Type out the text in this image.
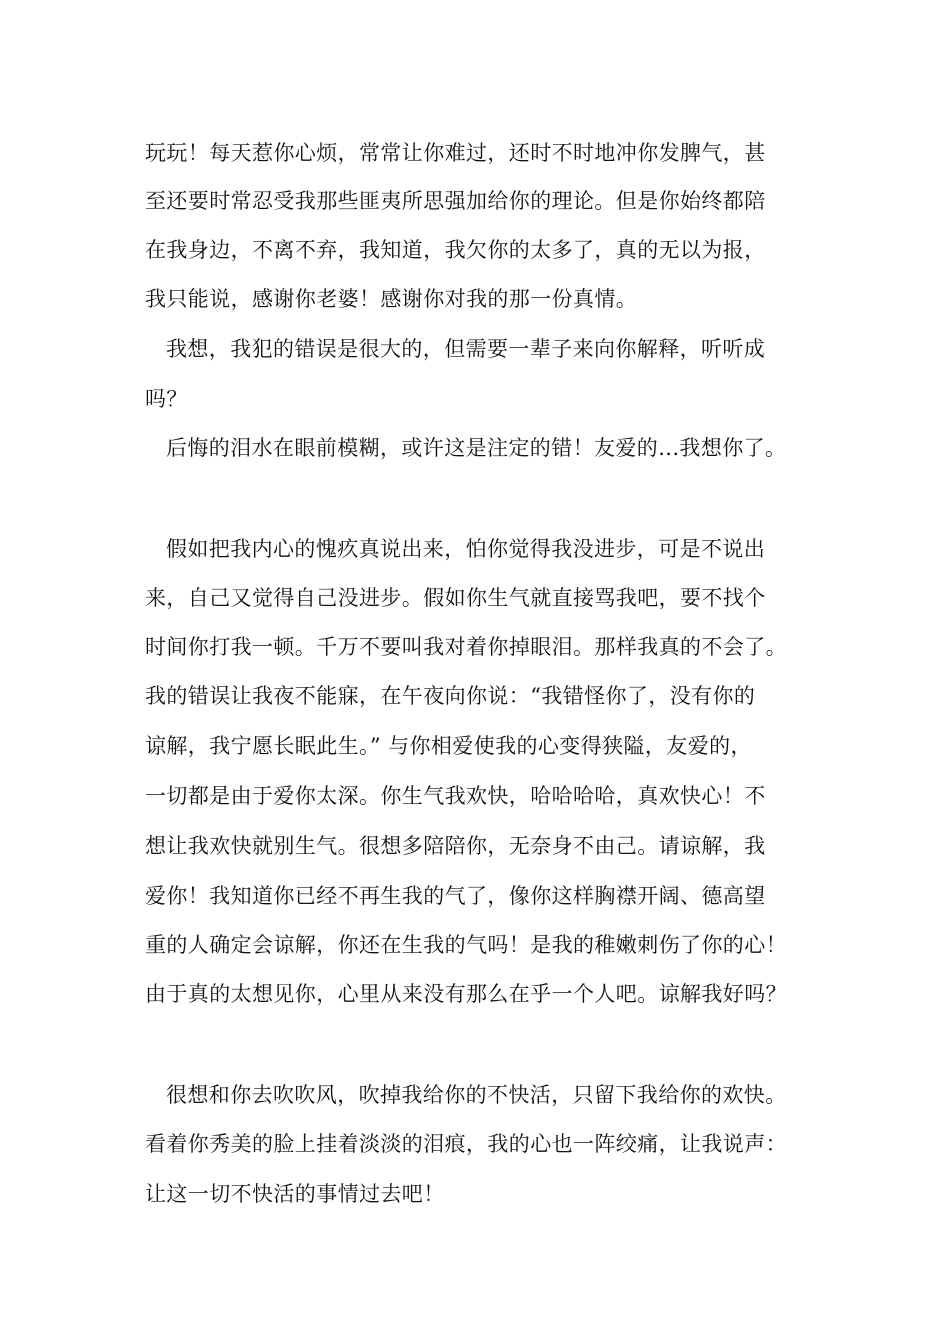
玩玩！每天惹你心烦，常常让你难过，还时不时地冲你发脾气，甚
至还要时常忍受我那些匪夷所思强加给你的理论。但是你始终都陪
在我身边，不离不弃，我知道，我欠你的太多了，真的无以为报，
我只能说，感谢你老婆！感谢你对我的那一份真情。
我想，我犯的错误是很大的，但需要一辈子来向你解释，听听成
吗？
后悔的泪水在眼前模糊，或许这是注定的错！友爱的...我想你了。
假如把我内心的愧疚真说出来，怕你觉得我没进步，可是不说出
来，自己又觉得自己没进步。假如你生气就直接骂我吧，要不找个
时间你打我一顿。千万不要叫我对着你掉眼泪。那样我真的不会了。
我的错误让我夜不能寐，在午夜向你说：“我错怪你了，没有你的
谅解，我宁愿长眠此生。” 与你相爱使我的心变得狭隘，友爱的，
一切都是由于爱你太深。你生气我欢快，哈哈哈哈，真欢快心！不
想让我欢快就别生气。很想多陪陪你，无奈身不由己。请谅解，我
爱你！我知道你已经不再生我的气了，像你这样胸襟开阔、德高望
重的人确定会谅解，你还在生我的气吗！是我的稚嫩刺伤了你的心！
由于真的太想见你，心里从来没有那么在乎一个人吧。谅解我好吗？
很想和你去吹吹风，吹掉我给你的不快活，只留下我给你的欢快。
看着你秀美的脸上挂着淡淡的泪痕，我的心也一阵绞痛，让我说声：
让这一切不快活的事情过去吧！
